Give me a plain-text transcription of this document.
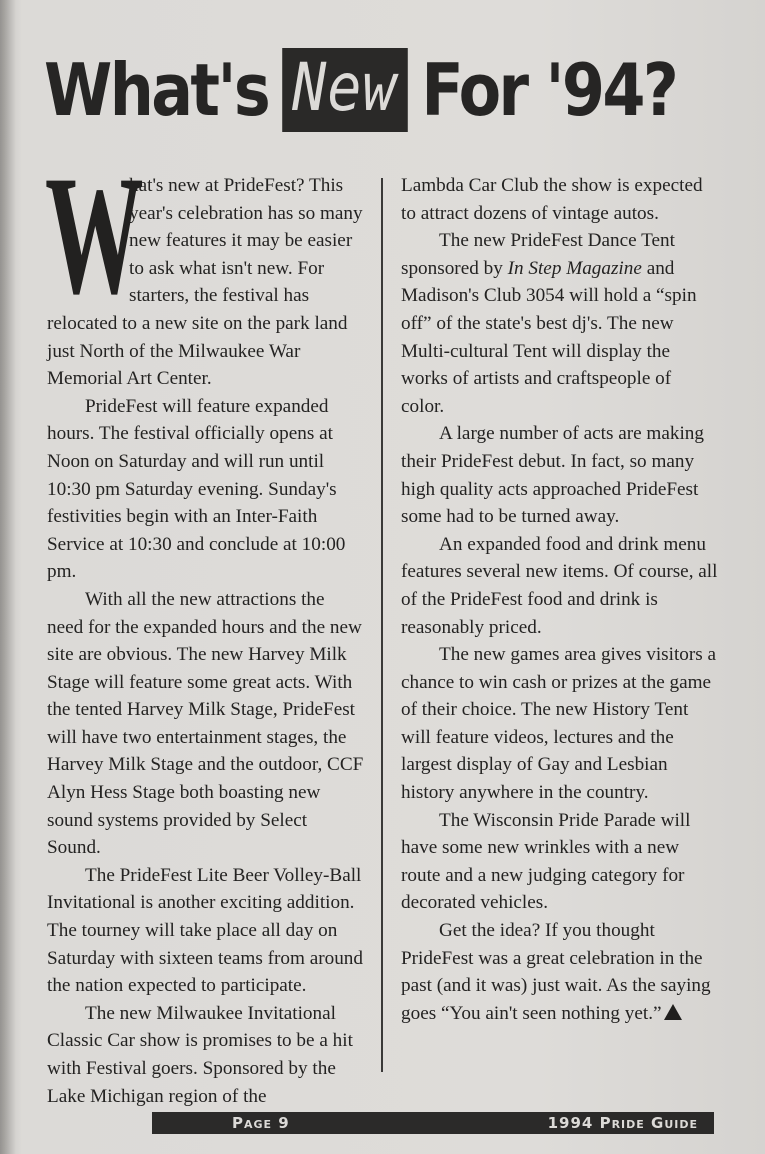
What's New For '94?

W
hat's new at PrideFest? This year's celebration has so many new features it may be easier to ask what isn't new. For starters, the festival has relocated to a new site on the park land just North of the Milwaukee War Memorial Art Center.

PrideFest will feature expanded hours. The festival officially opens at Noon on Saturday and will run until 10:30 pm Saturday evening. Sunday's festivities begin with an Inter-Faith Service at 10:30 and conclude at 10:00 pm.

With all the new attractions the need for the expanded hours and the new site are obvious. The new Harvey Milk Stage will feature some great acts. With the tented Harvey Milk Stage, PrideFest will have two entertainment stages, the Harvey Milk Stage and the outdoor, CCF Alyn Hess Stage both boasting new sound systems provided by Select Sound.

The PrideFest Lite Beer Volley-Ball Invitational is another exciting addition. The tourney will take place all day on Saturday with sixteen teams from around the nation expected to participate.

The new Milwaukee Invitational Classic Car show is promises to be a hit with Festival goers. Sponsored by the Lake Michigan region of the

Lambda Car Club the show is expected to attract dozens of vintage autos.

The new PrideFest Dance Tent sponsored by In Step Magazine and Madison's Club 3054 will hold a “spin off” of the state's best dj's. The new Multi-cultural Tent will display the works of artists and craftspeople of color.

A large number of acts are making their PrideFest debut. In fact, so many high quality acts approached PrideFest some had to be turned away.

An expanded food and drink menu features several new items. Of course, all of the PrideFest food and drink is reasonably priced.

The new games area gives visitors a chance to win cash or prizes at the game of their choice. The new History Tent will feature videos, lectures and the largest display of Gay and Lesbian history anywhere in the country.

The Wisconsin Pride Parade will have some new wrinkles with a new route and a new judging category for decorated vehicles.

Get the idea? If you thought PrideFest was a great celebration in the past (and it was) just wait. As the saying goes “You ain't seen nothing yet.”

Page 9	1994 Pride Guide
